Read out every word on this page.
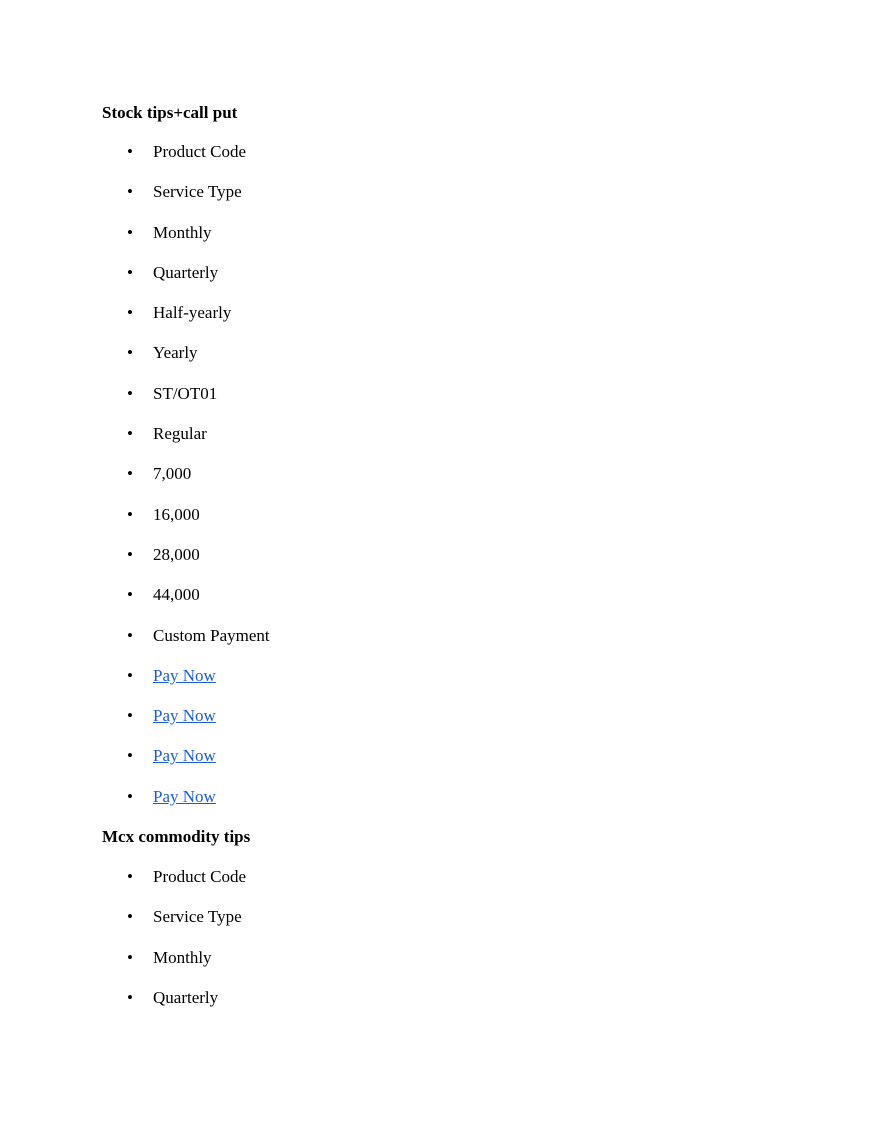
Stock tips+call put
• Product Code
• Service Type
• Monthly
• Quarterly
• Half-yearly
• Yearly
• ST/OT01
• Regular
• 7,000
• 16,000
• 28,000
• 44,000
• Custom Payment
• Pay Now
• Pay Now
• Pay Now
• Pay Now
Mcx commodity tips
• Product Code
• Service Type
• Monthly
• Quarterly
